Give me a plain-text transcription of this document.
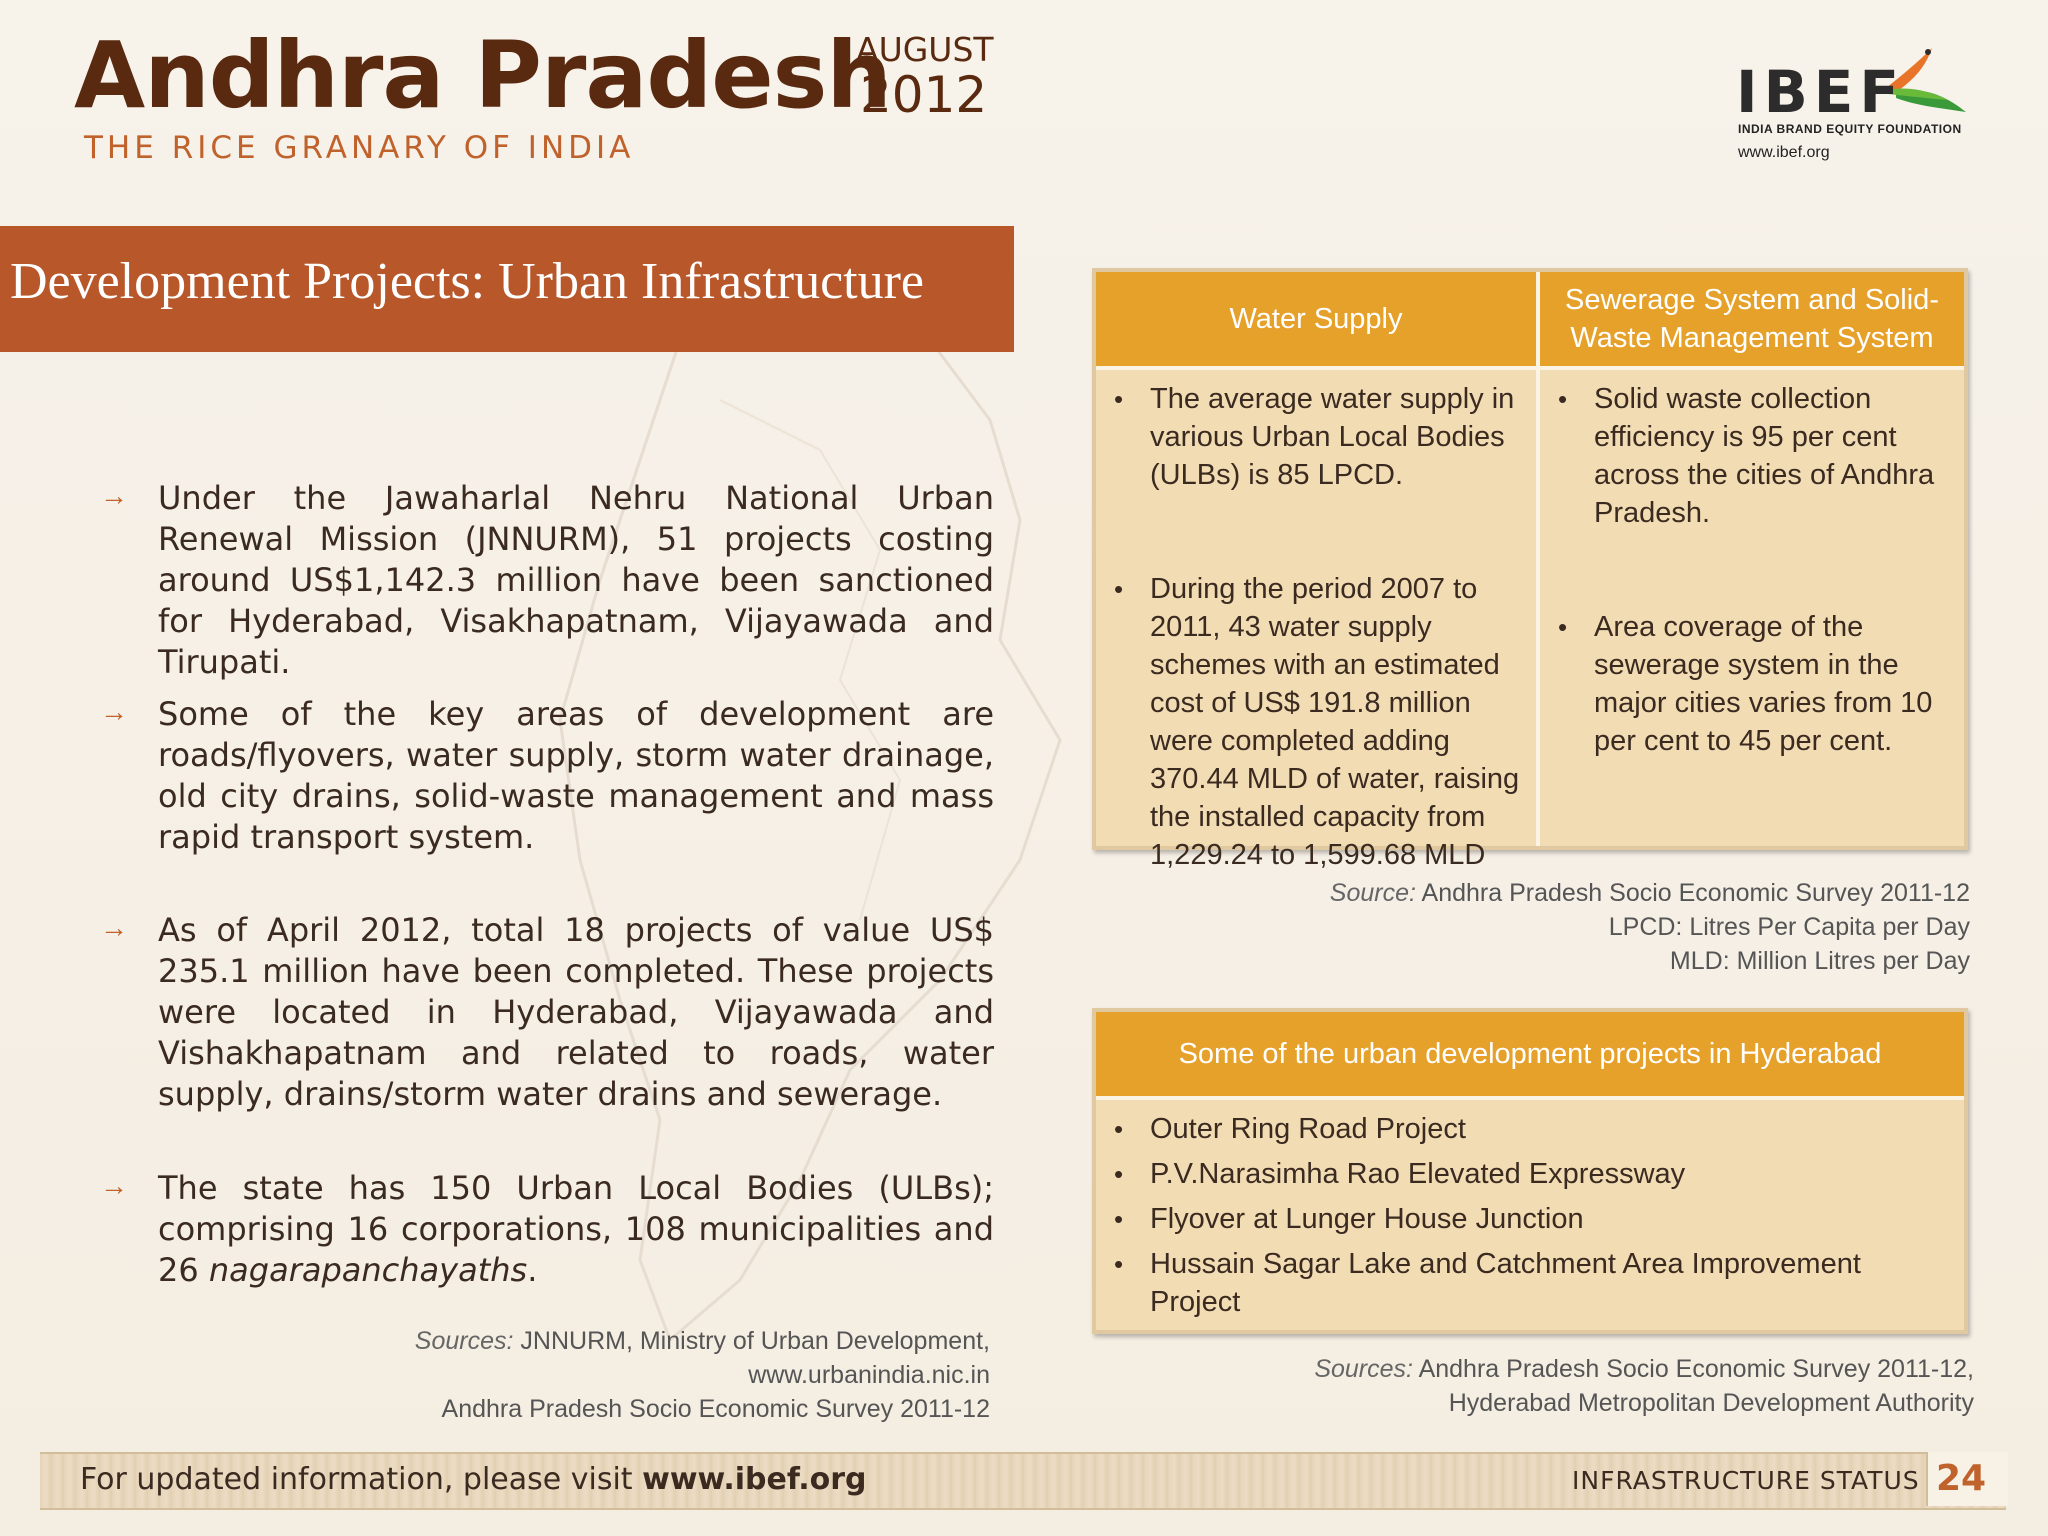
Andhra Pradesh
THE RICE GRANARY OF INDIA
AUGUST
2012	IBEF
INDIA BRAND EQUITY FOUNDATION
www.ibef.org
Development Projects: Urban Infrastructure
→ Under the Jawaharlal Nehru National Urban Renewal Mission (JNNURM), 51 projects costing around US$1,142.3 million have been sanctioned for Hyderabad, Visakhapatnam, Vijayawada and Tirupati.
→ Some of the key areas of development are roads/flyovers, water supply, storm water drainage, old city drains, solid-waste management and mass rapid transport system.
→ As of April 2012, total 18 projects of value US$ 235.1 million have been completed. These projects were located in Hyderabad, Vijayawada and Vishakhapatnam and related to roads, water supply, drains/storm water drains and sewerage.
→ The state has 150 Urban Local Bodies (ULBs); comprising 16 corporations, 108 municipalities and 26 nagarapanchayaths.
Sources: JNNURM, Ministry of Urban Development,
www.urbanindia.nic.in
Andhra Pradesh Socio Economic Survey 2011-12
Water Supply
Sewerage System and Solid-Waste Management System
• The average water supply in various Urban Local Bodies (ULBs) is 85 LPCD.
• During the period 2007 to 2011, 43 water supply schemes with an estimated cost of US$ 191.8 million were completed adding 370.44 MLD of water, raising the installed capacity from 1,229.24 to 1,599.68 MLD
• Solid waste collection efficiency is 95 per cent across the cities of Andhra Pradesh.
• Area coverage of the sewerage system in the major cities varies from 10 per cent to 45 per cent.
Source: Andhra Pradesh Socio Economic Survey 2011-12
LPCD: Litres Per Capita per Day
MLD: Million Litres per Day
Some of the urban development projects in Hyderabad
• Outer Ring Road Project
• P.V.Narasimha Rao Elevated Expressway
• Flyover at Lunger House Junction
• Hussain Sagar Lake and Catchment Area Improvement Project
Sources: Andhra Pradesh Socio Economic Survey 2011-12,
Hyderabad Metropolitan Development Authority
For updated information, please visit www.ibef.org	INFRASTRUCTURE STATUS 24
